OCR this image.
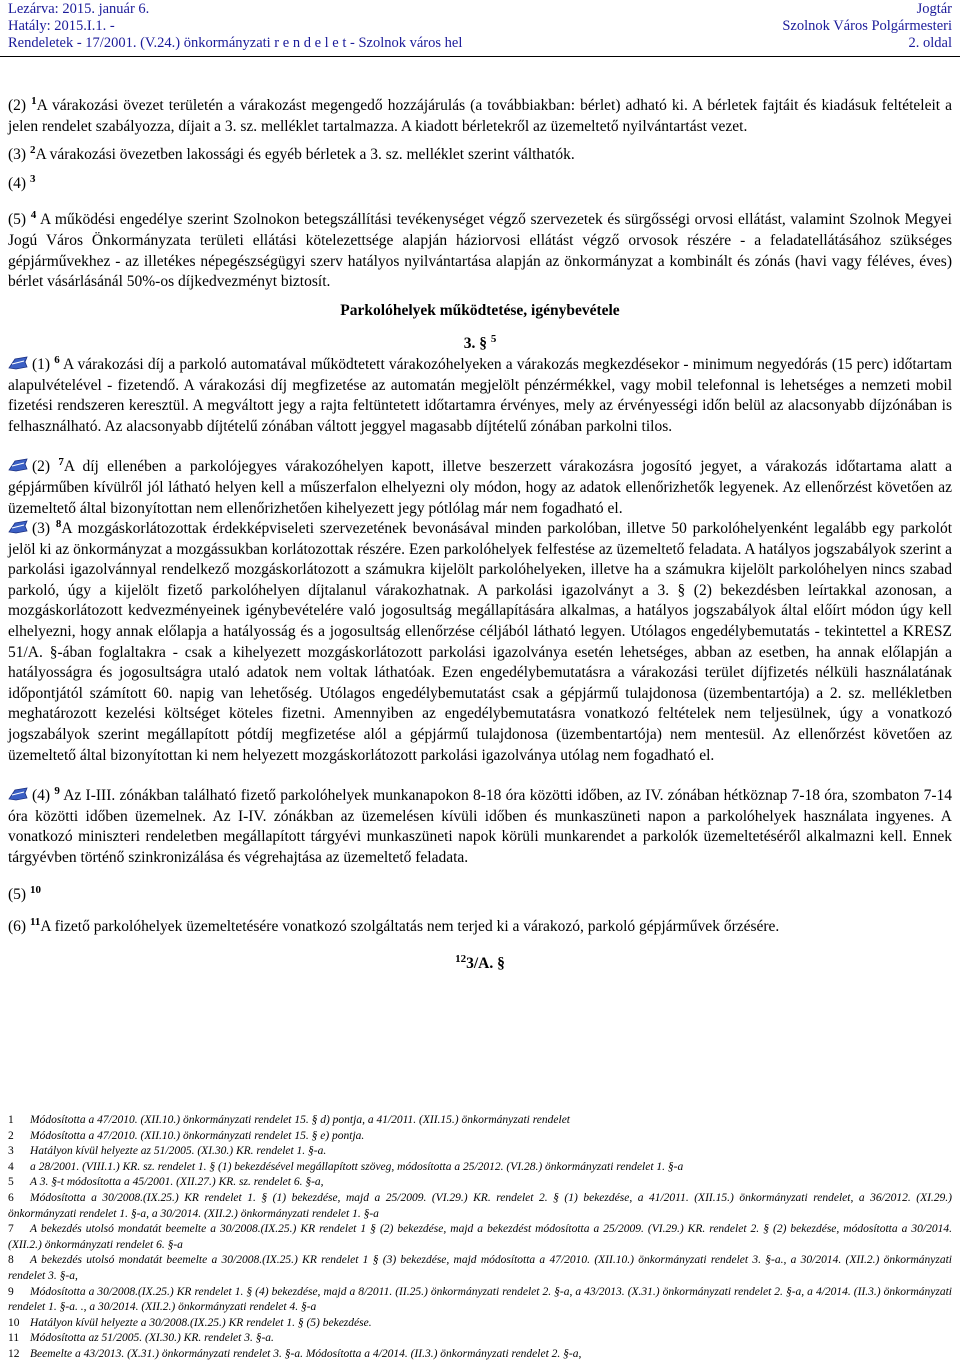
Lezárva: 2015. január 6.
Hatály: 2015.I.1. -
Rendeletek - 17/2001. (V.24.) önkormányzati r e n d e l e t - Szolnok város hel
Jogtár
Szolnok Város Polgármesteri
2. oldal

(2) $^1$A várakozási övezet területén a várakozást megengedő hozzájárulás (a továbbiakban: bérlet) adható ki. A bérletek fajtáit és kiadásuk feltételeit a jelen rendelet szabályozza, díjait a 3. sz. melléklet tartalmazza. A kiadott bérletekről az üzemeltető nyilvántartást vezet.

(3) $^2$A várakozási övezetben lakossági és egyéb bérletek a 3. sz. melléklet szerint válthatók.

(4) $^3$

(5) $^4$ A működési engedélye szerint Szolnokon betegszállítási tevékenységet végző szervezetek és sürgősségi orvosi ellátást, valamint Szolnok Megyei Jogú Város Önkormányzata területi ellátási kötelezettsége alapján háziorvosi ellátást végző orvosok részére - a feladatellátásához szükséges gépjárművekhez - az illetékes népegészségügyi szerv hatályos nyilvántartása alapján az önkormányzat a kombinált és zónás (havi vagy féléves, éves) bérlet vásárlásánál 50%-os díjkedvezményt biztosít.

Parkolóhelyek működtetése, igénybevétele

3. § $^5$

(1) $^6$ A várakozási díj a parkoló automatával működtetett várakozóhelyeken a várakozás megkezdésekor - minimum negyedórás (15 perc) időtartam alapulvételével - fizetendő. A várakozási díj megfizetése az automatán megjelölt pénzérmékkel, vagy mobil telefonnal is lehetséges a nemzeti mobil fizetési rendszeren keresztül. A megváltott jegy a rajta feltüntetett időtartamra érvényes, mely az érvényességi időn belül az alacsonyabb díjzónában is felhasználható. Az alacsonyabb díjtételű zónában váltott jeggyel magasabb díjtételű zónában parkolni tilos.

(2) $^7$A díj ellenében a parkolójegyes várakozóhelyen kapott, illetve beszerzett várakozásra jogosító jegyet, a várakozás időtartama alatt a gépjárműben kívülről jól látható helyen kell a műszerfalon elhelyezni oly módon, hogy az adatok ellenőrizhetők legyenek. Az ellenőrzést követően az üzemeltető által bizonyítottan nem ellenőrizhetően kihelyezett jegy pótlólag már nem fogadható el.

(3) $^8$A mozgáskorlátozottak érdekképviseleti szervezetének bevonásával minden parkolóban, illetve 50 parkolóhelyenként legalább egy parkolót jelöl ki az önkormányzat a mozgássukban korlátozottak részére. Ezen parkolóhelyek felfestése az üzemeltető feladata. A hatályos jogszabályok szerint a parkolási igazolvánnyal rendelkező mozgáskorlátozott a számukra kijelölt parkolóhelyeken, illetve ha a számukra kijelölt parkolóhelyen nincs szabad parkoló, úgy a kijelölt fizető parkolóhelyen díjtalanul várakozhatnak. A parkolási igazolványt a 3. § (2) bekezdésben leírtakkal azonosan, a mozgáskorlátozott kedvezményeinek igénybevételére való jogosultság megállapítására alkalmas, a hatályos jogszabályok által előírt módon úgy kell elhelyezni, hogy annak előlapja a hatályosság és a jogosultság ellenőrzése céljából látható legyen. Utólagos engedélybemutatás - tekintettel a KRESZ 51/A. §-ában foglaltakra - csak a kihelyezett mozgáskorlátozott parkolási igazolványa esetén lehetséges, abban az esetben, ha annak előlapján a hatályosságra és jogosultságra utaló adatok nem voltak láthatóak. Ezen engedélybemutatásra a várakozási terület díjfizetés nélküli használatának időpontjától számított 60. napig van lehetőség. Utólagos engedélybemutatást csak a gépjármű tulajdonosa (üzembentartója) a 2. sz. mellékletben meghatározott kezelési költséget köteles fizetni. Amennyiben az engedélybemutatásra vonatkozó feltételek nem teljesülnek, úgy a vonatkozó jogszabályok szerint megállapított pótdíj megfizetése alól a gépjármű tulajdonosa (üzembentartója) nem mentesül. Az ellenőrzést követően az üzemeltető által bizonyítottan ki nem helyezett mozgáskorlátozott parkolási igazolványa utólag nem fogadható el.

(4) $^9$ Az I-III. zónákban található fizető parkolóhelyek munkanapokon 8-18 óra közötti időben, az IV. zónában hétköznap 7-18 óra, szombaton 7-14 óra közötti időben üzemelnek. Az I-IV. zónákban az üzemelésen kívüli időben és munkaszüneti napon a parkolóhelyek használata ingyenes. A vonatkozó miniszteri rendeletben megállapított tárgyévi munkaszüneti napok körüli munkarendet a parkolók üzemeltetéséről alkalmazni kell. Ennek tárgyévben történő szinkronizálása és végrehajtása az üzemeltető feladata.

(5) $^{10}$

(6) $^{11}$A fizető parkolóhelyek üzemeltetésére vonatkozó szolgáltatás nem terjed ki a várakozó, parkoló gépjárművek őrzésére.

$^{12}$3/A. §

1 Módosította a 47/2010. (XII.10.) önkormányzati rendelet 15. § d) pontja, a 41/2011. (XII.15.) önkormányzati rendelet
2 Módosította a 47/2010. (XII.10.) önkormányzati rendelet 15. § e) pontja.
3 Hatályon kívül helyezte az 51/2005. (XI.30.) KR. rendelet 1. §-a.
4 a 28/2001. (VIII.1.) KR. sz. rendelet 1. § (1) bekezdésével megállapított szöveg, módosította a 25/2012. (VI.28.) önkormányzati rendelet 1. §-a
5 A 3. §-t módosította a 45/2001. (XII.27.) KR. sz. rendelet 6. §-a,
6 Módosította a 30/2008.(IX.25.) KR rendelet 1. § (1) bekezdése, majd a 25/2009. (VI.29.) KR. rendelet 2. § (1) bekezdése, a 41/2011. (XII.15.) önkormányzati rendelet, a 36/2012. (XI.29.) önkormányzati rendelet 1. §-a, a 30/2014. (XII.2.) önkormányzati rendelet 1. §-a
7 A bekezdés utolsó mondatát beemelte a 30/2008.(IX.25.) KR rendelet 1 § (2) bekezdése, majd a bekezdést módosította a 25/2009. (VI.29.) KR. rendelet 2. § (2) bekezdése, módosította a 30/2014. (XII.2.) önkormányzati rendelet 6. §-a
8 A bekezdés utolsó mondatát beemelte a 30/2008.(IX.25.) KR rendelet 1 § (3) bekezdése, majd módosította a 47/2010. (XII.10.) önkormányzati rendelet 3. §-a., a 30/2014. (XII.2.) önkormányzati rendelet 3. §-a,
9 Módosította a 30/2008.(IX.25.) KR rendelet 1. § (4) bekezdése, majd a 8/2011. (II.25.) önkormányzati rendelet 2. §-a, a 43/2013. (X.31.) önkormányzati rendelet 2. §-a, a 4/2014. (II.3.) önkormányzati rendelet 1. §-a. ., a 30/2014. (XII.2.) önkormányzati rendelet 4. §-a
10 Hatályon kívül helyezte a 30/2008.(IX.25.) KR rendelet 1. § (5) bekezdése.
11 Módosította az 51/2005. (XI.30.) KR. rendelet 3. §-a.
12 Beemelte a 43/2013. (X.31.) önkormányzati rendelet 3. §-a. Módosította a 4/2014. (II.3.) önkormányzati rendelet 2. §-a,
